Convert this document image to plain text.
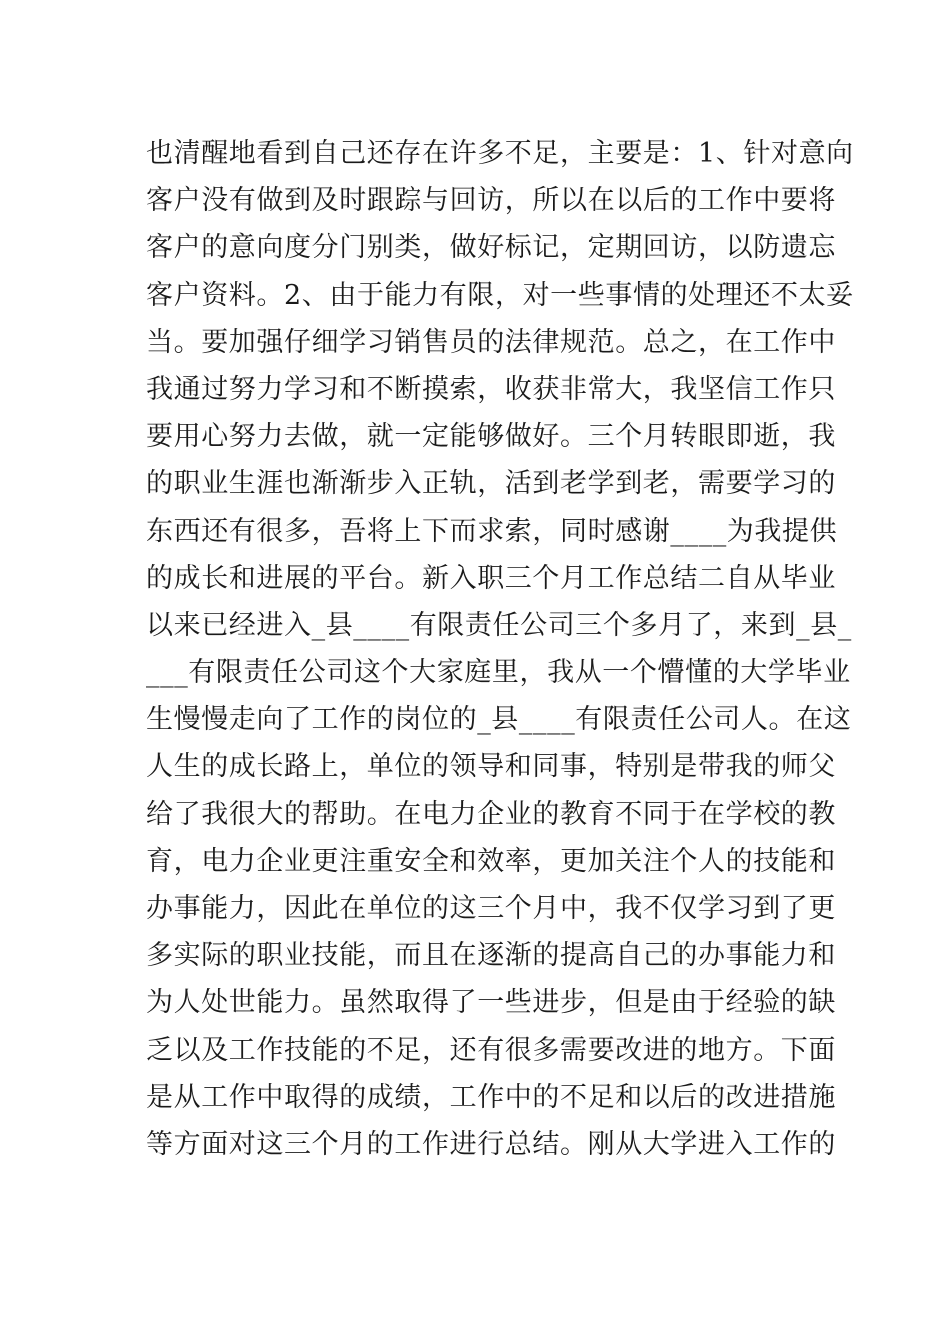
也清醒地看到自己还存在许多不足，主要是：1、针对意向
客户没有做到及时跟踪与回访，所以在以后的工作中要将
客户的意向度分门别类，做好标记，定期回访，以防遗忘
客户资料。2、由于能力有限，对一些事情的处理还不太妥
当。要加强仔细学习销售员的法律规范。总之，在工作中
我通过努力学习和不断摸索，收获非常大，我坚信工作只
要用心努力去做，就一定能够做好。三个月转眼即逝，我
的职业生涯也渐渐步入正轨，活到老学到老，需要学习的
东西还有很多，吾将上下而求索，同时感谢____为我提供
的成长和进展的平台。新入职三个月工作总结二自从毕业
以来已经进入_县____有限责任公司三个多月了，来到_县_
___有限责任公司这个大家庭里，我从一个懵懂的大学毕业
生慢慢走向了工作的岗位的_县____有限责任公司人。在这
人生的成长路上，单位的领导和同事，特别是带我的师父
给了我很大的帮助。在电力企业的教育不同于在学校的教
育，电力企业更注重安全和效率，更加关注个人的技能和
办事能力，因此在单位的这三个月中，我不仅学习到了更
多实际的职业技能，而且在逐渐的提高自己的办事能力和
为人处世能力。虽然取得了一些进步，但是由于经验的缺
乏以及工作技能的不足，还有很多需要改进的地方。下面
是从工作中取得的成绩，工作中的不足和以后的改进措施
等方面对这三个月的工作进行总结。刚从大学进入工作的
